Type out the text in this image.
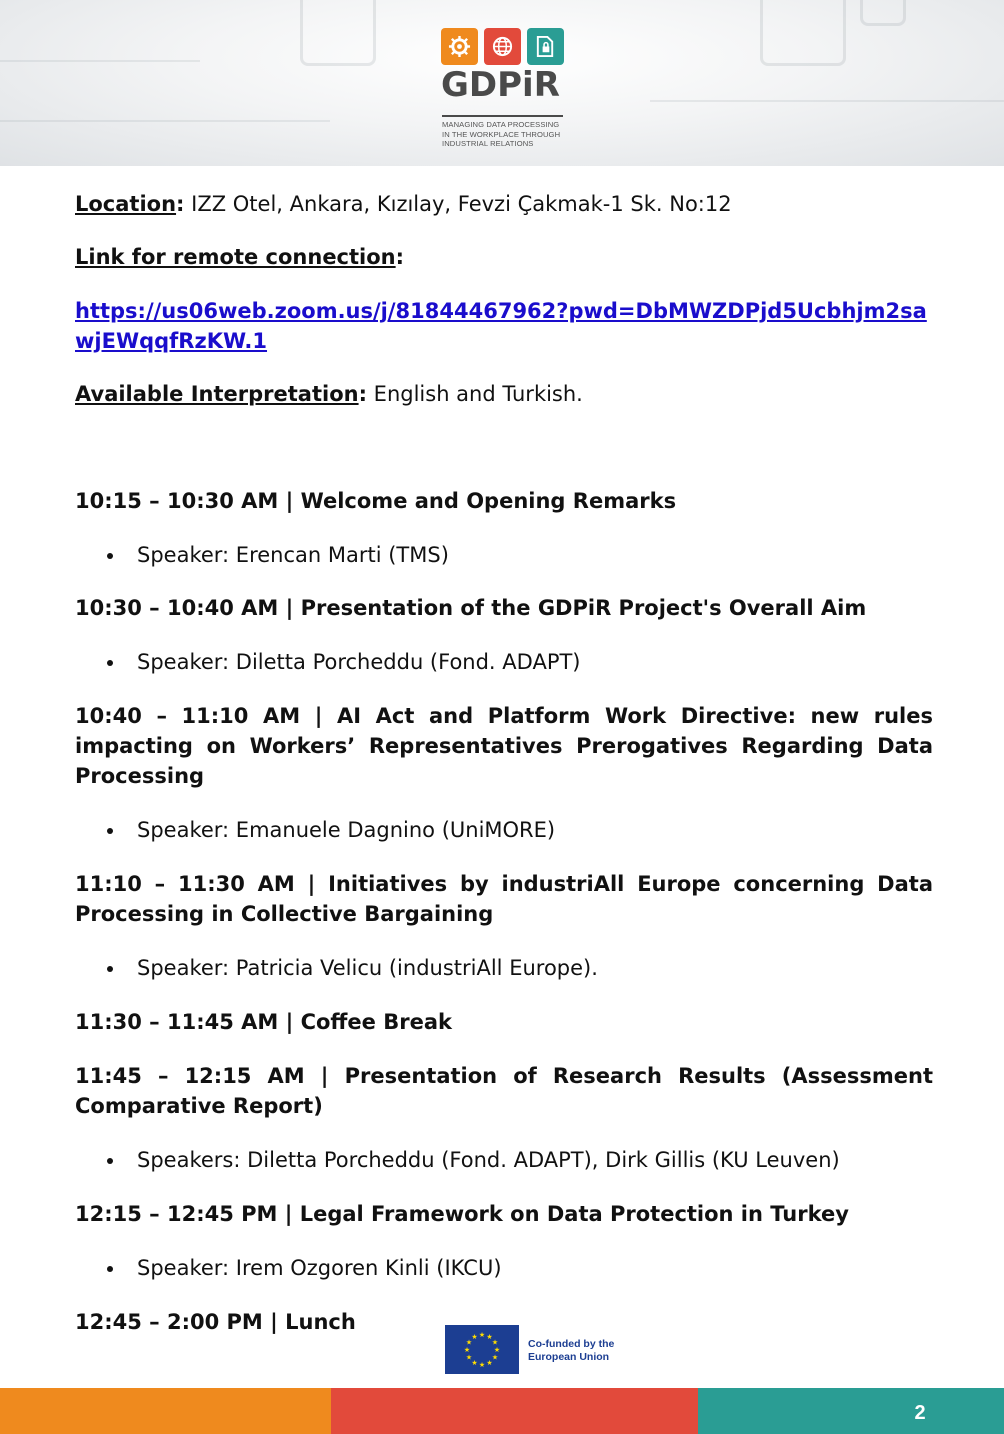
GDPiR
MANAGING DATA PROCESSING
IN THE WORKPLACE THROUGH
INDUSTRIAL RELATIONS

Location: IZZ Otel, Ankara, Kızılay, Fevzi Çakmak-1 Sk. No:12

Link for remote connection:

https://us06web.zoom.us/j/81844467962?pwd=DbMWZDPjd5Ucbhjm2sawjEWqqfRzKW.1

Available Interpretation: English and Turkish.

10:15 – 10:30 AM | Welcome and Opening Remarks

Speaker: Erencan Marti (TMS)

10:30 – 10:40 AM | Presentation of the GDPiR Project's Overall Aim

Speaker: Diletta Porcheddu (Fond. ADAPT)

10:40 – 11:10 AM | AI Act and Platform Work Directive: new rules impacting on Workers’ Representatives Prerogatives Regarding Data Processing

Speaker: Emanuele Dagnino (UniMORE)

11:10 – 11:30 AM | Initiatives by industriAll Europe concerning Data Processing in Collective Bargaining

Speaker: Patricia Velicu (industriAll Europe).

11:30 – 11:45 AM | Coffee Break

11:45 – 12:15 AM | Presentation of Research Results (Assessment Comparative Report)

Speakers: Diletta Porcheddu (Fond. ADAPT), Dirk Gillis (KU Leuven)

12:15 – 12:45 PM | Legal Framework on Data Protection in Turkey

Speaker: Irem Ozgoren Kinli (IKCU)

12:45 – 2:00 PM | Lunch

★
★
★
★
★
★
★
★
★ ★ ★
★	Co-funded by the
European Union
2
